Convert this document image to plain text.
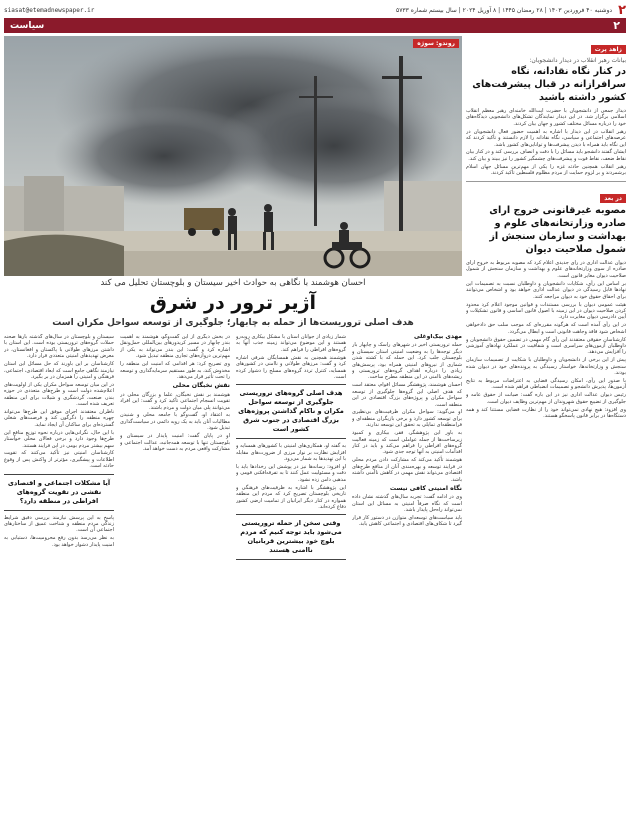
۲
دوشنبه ۴۰ فروردین ۱۴۰۳ | ۲۸ رمضان ۱۴۴۵ | ۸ آوریل ۲۰۲۴ | سال بیستم شماره ۵۷۳۳
siasat@etemadnewspaper.ir
۲
سیاست
روندو: سوژه
احسان هوشمند با نگاهی به حوادث اخیر سیستان و بلوچستان تحلیل می کند
آژیر ترور در شرق
هدف اصلی تروریست‌ها از حمله به چابهار؛ جلوگیری از توسعه سواحل مکران است
مهدی بیک‌اوغلی

حمله تروریستی اخیر در شهرهای راسک و چابهار بار دیگر توجه‌ها را به وضعیت امنیتی استان سیستان و بلوچستان جلب کرد. این حمله که با کشته شدن شماری از نیروهای امنیتی همراه بود، پرسش‌های زیادی را درباره اهداف گروه‌های تروریستی و ریشه‌های ناامنی در این منطقه مطرح ساخت.

احسان هوشمند، پژوهشگر مسائل اقوام، معتقد است که هدف اصلی این گروه‌ها جلوگیری از توسعه سواحل مکران و پروژه‌های بزرگ اقتصادی در این منطقه است.

او می‌گوید: سواحل مکران ظرفیت‌های بی‌نظیری برای توسعه کشور دارد و برخی بازیگران منطقه‌ای و فرامنطقه‌ای تمایلی به تحقق این توسعه ندارند.

به باور این پژوهشگر، فقر، بیکاری و کمبود زیرساخت‌ها از جمله عواملی است که زمینه فعالیت گروه‌های افراطی را فراهم می‌کند و باید در کنار اقدامات امنیتی به آنها توجه جدی شود.

هوشمند تأکید می‌کند که مشارکت دادن مردم محلی در فرایند توسعه و بهره‌مندی آنان از منافع طرح‌های اقتصادی می‌تواند نقش مهمی در کاهش ناامنی داشته باشد.

نگاه امنیتی کافی نیست

وی در ادامه گفت: تجربه سال‌های گذشته نشان داده است که نگاه صرفاً امنیتی به مسائل این استان نمی‌تواند راه‌حل پایدار باشد.

باید سیاست‌های توسعه‌ای متوازن در دستور کار قرار گیرد تا شکاف‌های اقتصادی و اجتماعی کاهش یابد.

شمار زیادی از جوانان استان با مشکل بیکاری روبه‌رو هستند و این موضوع می‌تواند زمینه جذب آنها به گروه‌های افراطی را فراهم کند.

هوشمند همچنین به نقش همسایگان شرقی اشاره کرد و گفت: مرزهای طولانی و ناامنی در کشورهای همسایه، کنترل تردد گروه‌های مسلح را دشوار کرده است.

هدف اصلی گروه‌های تروریستی جلوگیری از توسعه سواحل مکران و ناکام گذاشتن پروژه‌های بزرگ اقتصادی در جنوب شرق کشور است

به گفته او، همکاری‌های امنیتی با کشورهای همسایه و افزایش نظارت بر نوار مرزی از ضرورت‌های مقابله با این تهدیدها به شمار می‌رود.

او افزود: رسانه‌ها نیز در پوشش این رخدادها باید با دقت و مسئولیت عمل کنند تا به تفرقه‌افکنی قومی و مذهبی دامن زده نشود.

این پژوهشگر با اشاره به ظرفیت‌های فرهنگی و تاریخی بلوچستان تصریح کرد که مردم این منطقه همواره در کنار دیگر ایرانیان از تمامیت ارضی کشور دفاع کرده‌اند.

وقتی سخن از حمله تروریستی می‌شود باید توجه کنیم که مردم بلوچ خود بیشترین قربانیان ناامنی هستند

در بخش دیگری از این گفت‌وگو، هوشمند به اهمیت بندر چابهار در مسیر کریدورهای بین‌المللی حمل‌ونقل اشاره کرد و گفت: این بندر می‌تواند به یکی از مهم‌ترین دروازه‌های تجاری منطقه تبدیل شود.

وی تصریح کرد: هر اقدامی که امنیت این منطقه را مخدوش کند، به طور مستقیم سرمایه‌گذاری و توسعه را تحت تأثیر قرار می‌دهد.

نقش نخبگان محلی

هوشمند بر نقش نخبگان، علما و بزرگان محلی در تقویت انسجام اجتماعی تأکید کرد و گفت: این افراد می‌توانند پلی میان دولت و مردم باشند.

به اعتقاد او، گفت‌وگو با جامعه محلی و شنیدن مطالبات آنان باید به یک رویه دائمی در سیاست‌گذاری تبدیل شود.

او در پایان گفت: امنیت پایدار در سیستان و بلوچستان تنها با توسعه همه‌جانبه، عدالت اجتماعی و مشارکت واقعی مردم به دست خواهد آمد.

سیستان و بلوچستان در سال‌های گذشته بارها صحنه حملات گروه‌های تروریستی بوده است. این استان با داشتن مرزهای طولانی با پاکستان و افغانستان، در معرض تهدیدهای امنیتی متعددی قرار دارد.

کارشناسان بر این باورند که حل مسائل این استان نیازمند نگاهی جامع است که ابعاد اقتصادی، اجتماعی، فرهنگی و امنیتی را همزمان در بر بگیرد.

در این میان توسعه سواحل مکران یکی از اولویت‌های اعلام‌شده دولت است و طرح‌های متعددی در حوزه بندر، صنعت، گردشگری و شیلات برای این منطقه تعریف شده است.

ناظران معتقدند اجرای موفق این طرح‌ها می‌تواند چهره منطقه را دگرگون کند و فرصت‌های شغلی گسترده‌ای برای ساکنان آن ایجاد نماید.

با این حال، نگرانی‌هایی درباره نحوه توزیع منافع این طرح‌ها وجود دارد و برخی فعالان محلی خواستار سهم بیشتر مردم بومی در این فرایند هستند.

کارشناسان امنیتی نیز تأکید می‌کنند که تقویت اطلاعات و پیشگیری، مؤثرتر از واکنش پس از وقوع حادثه است.

آیا مشکلات اجتماعی و اقتصادی نقشی در تقویت گروه‌های افراطی در منطقه دارد؟

پاسخ به این پرسش نیازمند بررسی دقیق شرایط زندگی مردم منطقه و شناخت عمیق از ساختارهای اجتماعی آن است.

به نظر می‌رسد بدون رفع محرومیت‌ها، دستیابی به امنیت پایدار دشوار خواهد بود.

زاهد پرت
بیانات رهبر انقلاب در دیدار دانشجویان:
در کنار نگاه نقادانه، نگاه سرافرازانه در قبال پیشرفت‌های کشور داشته باشید

دیدار جمعی از دانشجویان با حضرت آیت‌الله خامنه‌ای رهبر معظم انقلاب اسلامی برگزار شد. در این دیدار نمایندگان تشکل‌های دانشجویی دیدگاه‌های خود را درباره مسائل مختلف کشور و جهان بیان کردند.

رهبر انقلاب در این دیدار با اشاره به اهمیت حضور فعال دانشجویان در عرصه‌های اجتماعی و سیاسی، نگاه نقادانه را لازم دانستند و تأکید کردند که این نگاه باید همراه با دیدن پیشرفت‌ها و توانایی‌های کشور باشد.

ایشان گفتند دانشجو باید مسائل را با دقت و انصاف بررسی کند و در کنار بیان نقاط ضعف، نقاط قوت و پیشرفت‌های چشمگیر کشور را نیز ببیند و بیان کند.

رهبر انقلاب همچنین حادثه غزه را یکی از مهم‌ترین مسائل جهان اسلام برشمردند و بر لزوم حمایت از مردم مظلوم فلسطین تأکید کردند.

در بعد
مصوبه غیرقانونی خروج ارای صادره وزارتخانه‌های علوم و بهداشت و سازمان سنجش از شمول صلاحیت دیوان

دیوان عدالت اداری در رأی جدیدی اعلام کرد که مصوبه مربوط به خروج آرای صادره از سوی وزارتخانه‌های علوم و بهداشت و سازمان سنجش از شمول صلاحیت دیوان مغایر قانون است.

بر اساس این رأی، شکایات دانشجویان و داوطلبان نسبت به تصمیمات این نهادها قابل رسیدگی در دیوان عدالت اداری خواهد بود و اشخاص می‌توانند برای احقاق حقوق خود به دیوان مراجعه کنند.

هیئت عمومی دیوان با بررسی مستندات و قوانین موجود اعلام کرد محدود کردن صلاحیت دیوان در این زمینه با اصول قانون اساسی و قانون تشکیلات و آیین دادرسی دیوان مغایرت دارد.

در این رأی آمده است که هرگونه مقرره‌ای که موجب سلب حق دادخواهی اشخاص شود فاقد وجاهت قانونی است و ابطال می‌گردد.

کارشناسان حقوقی معتقدند این رأی گام مهمی در تضمین حقوق دانشجویان و داوطلبان آزمون‌های سراسری است و شفافیت در عملکرد نهادهای آموزشی را افزایش می‌دهد.

پیش از این برخی از دانشجویان و داوطلبان با شکایت از تصمیمات سازمان سنجش و وزارتخانه‌ها، خواستار رسیدگی به پرونده‌های خود در دیوان شده بودند.

با صدور این رأی، امکان رسیدگی قضایی به اعتراضات مربوط به نتایج آزمون‌ها، پذیرش دانشجو و تصمیمات انضباطی فراهم شده است.

رئیس دیوان عدالت اداری نیز در این باره گفت: صیانت از حقوق عامه و جلوگیری از تضییع حقوق شهروندان از مهم‌ترین وظایف دیوان است.

وی افزود: هیچ نهادی نمی‌تواند خود را از نظارت قضایی مستثنا کند و همه دستگاه‌ها در برابر قانون پاسخگو هستند.
